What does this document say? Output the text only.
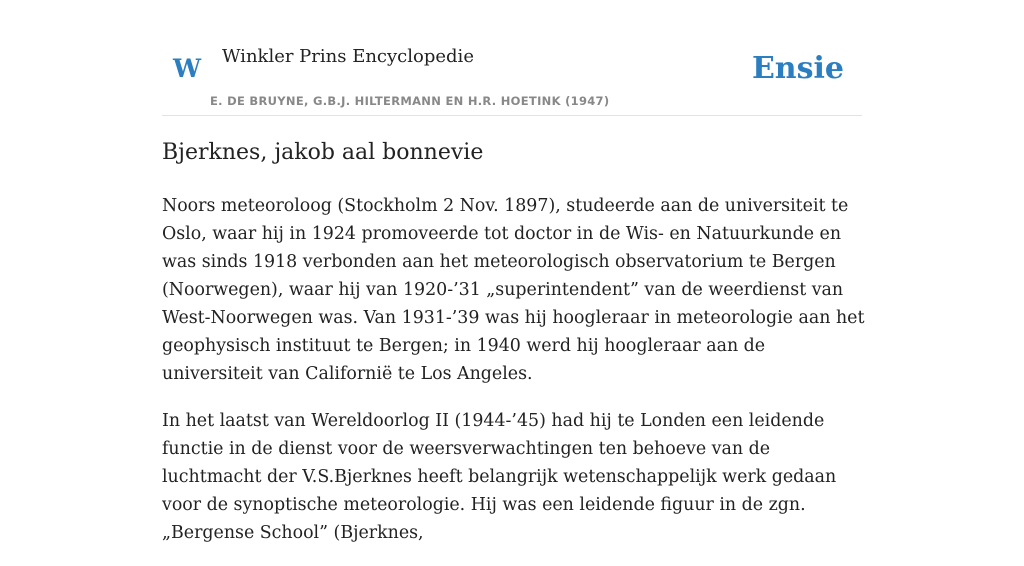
W Winkler Prins Encyclopedie
E. DE BRUYNE, G.B.J. HILTERMANN EN H.R. HOETINK (1947)
Ensie
Bjerknes, jakob aal bonnevie

Noors meteoroloog (Stockholm 2 Nov. 1897), studeerde aan de universiteit te Oslo, waar hij in 1924 promoveerde tot doctor in de Wis- en Natuurkunde en was sinds 1918 verbonden aan het meteorologisch observatorium te Bergen (Noorwegen), waar hij van 1920-’31 „superintendent” van de weerdienst van West-Noorwegen was. Van 1931-’39 was hij hoogleraar in meteorologie aan het geophysisch instituut te Bergen; in 1940 werd hij hoogleraar aan de universiteit van Californië te Los Angeles.

In het laatst van Wereldoorlog II (1944-’45) had hij te Londen een leidende functie in de dienst voor de weersverwachtingen ten behoeve van de luchtmacht der V.S.Bjerknes heeft belangrijk wetenschappelijk werk gedaan voor de synoptische meteorologie. Hij was een leidende figuur in de zgn. „Bergense School” (Bjerknes,
